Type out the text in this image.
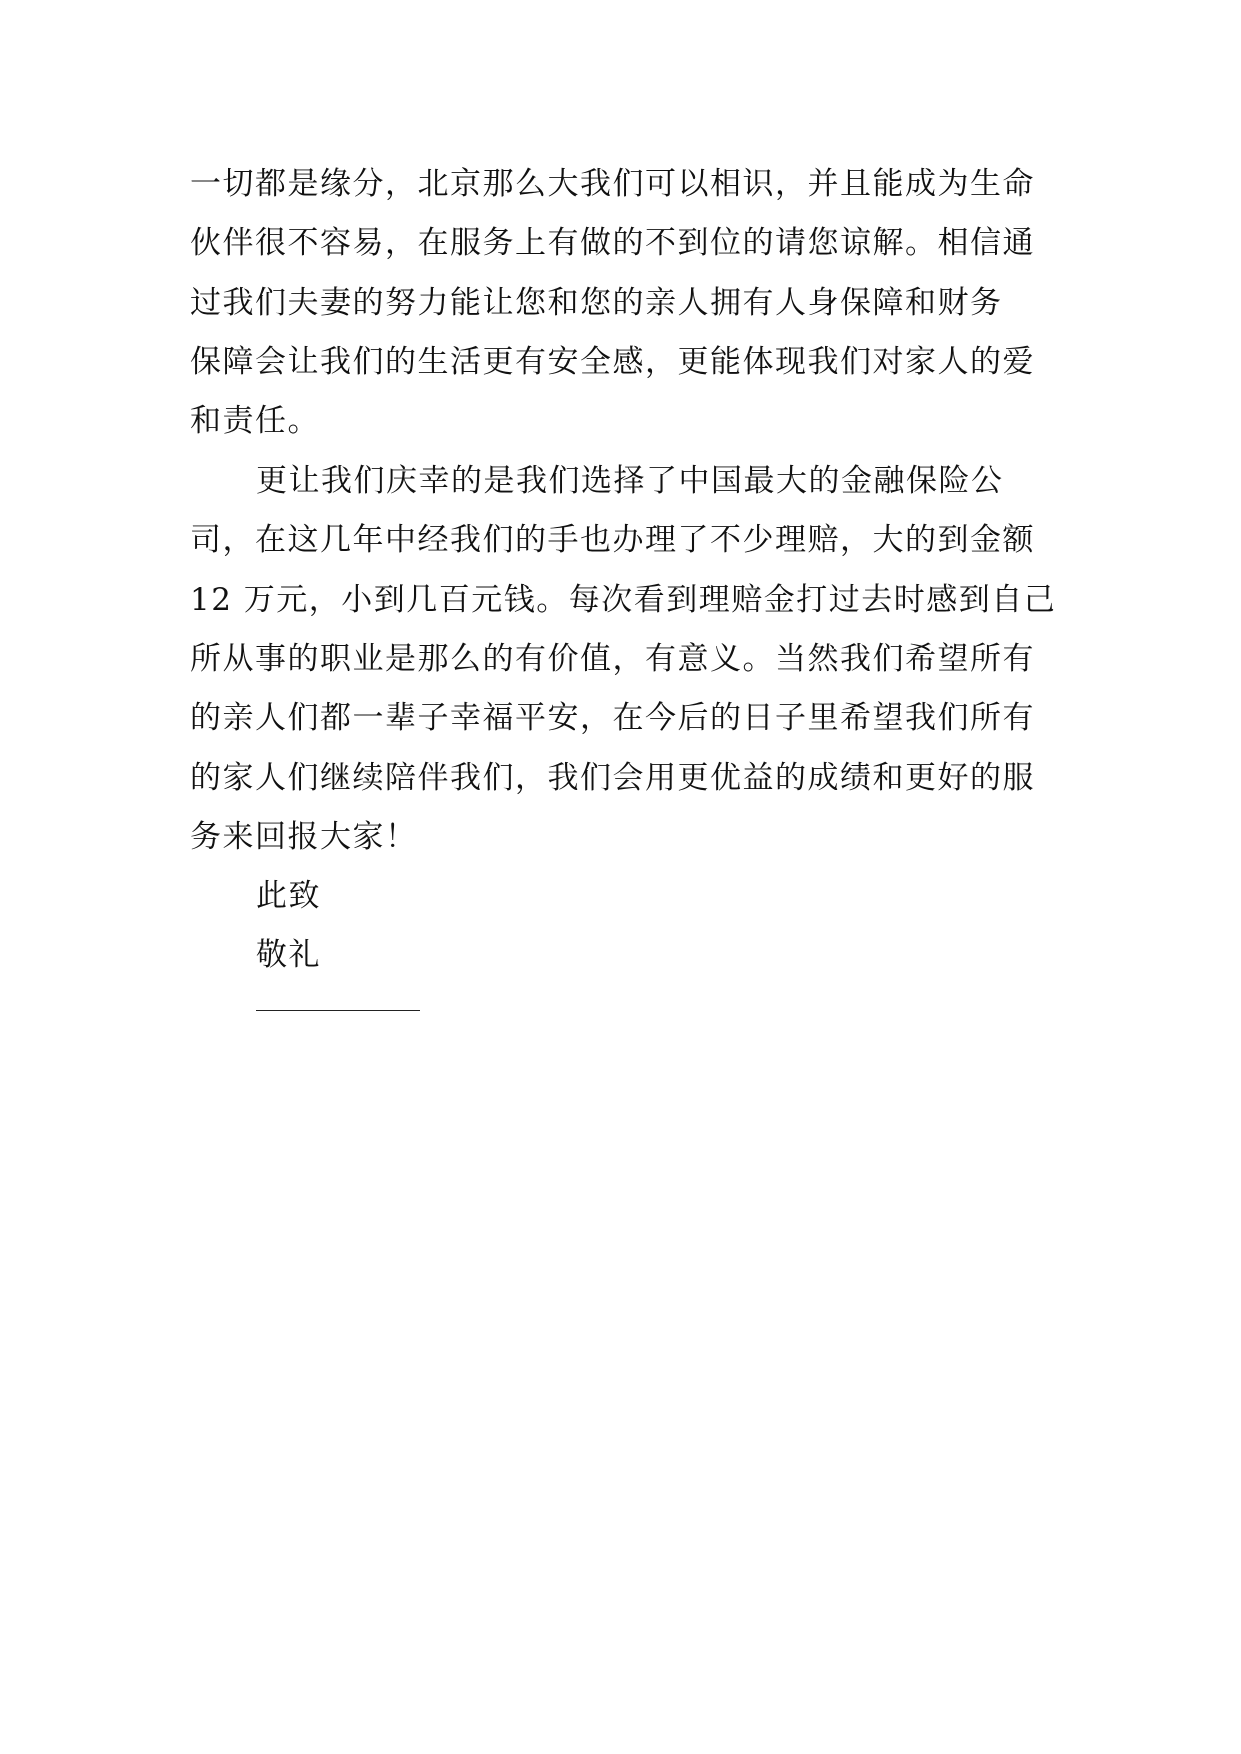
一切都是缘分，北京那么大我们可以相识，并且能成为生命
伙伴很不容易，在服务上有做的不到位的请您谅解。相信通
过我们夫妻的努力能让您和您的亲人拥有人身保障和财务
保障会让我们的生活更有安全感，更能体现我们对家人的爱
和责任。
更让我们庆幸的是我们选择了中国最大的金融保险公
司，在这几年中经我们的手也办理了不少理赔，大的到金额
12 万元，小到几百元钱。每次看到理赔金打过去时感到自己
所从事的职业是那么的有价值，有意义。当然我们希望所有
的亲人们都一辈子幸福平安，在今后的日子里希望我们所有
的家人们继续陪伴我们，我们会用更优益的成绩和更好的服
务来回报大家！
此致
敬礼
